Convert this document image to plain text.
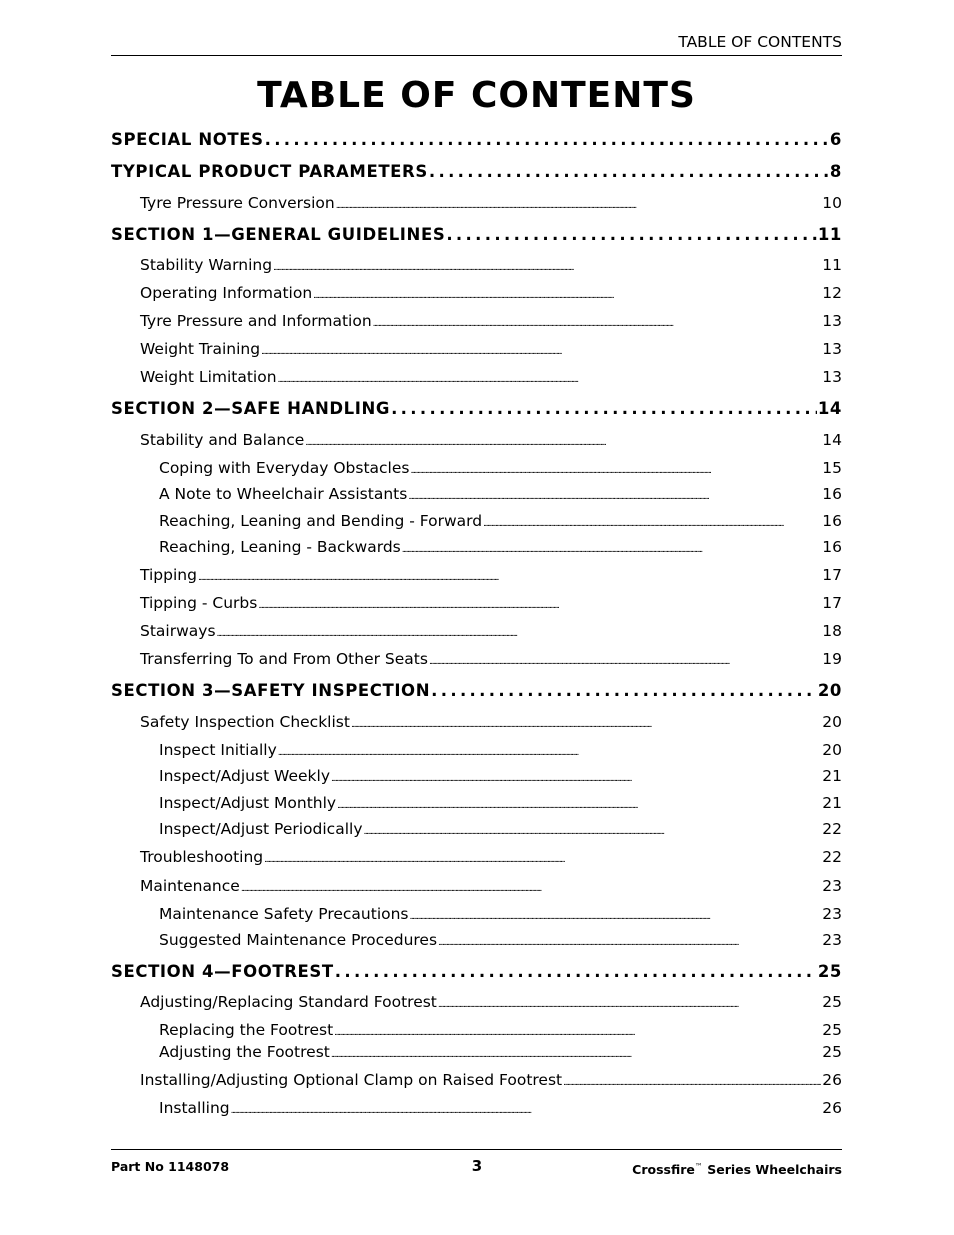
TABLE OF CONTENTS
TABLE OF CONTENTS
SPECIAL NOTES . . .	6
TYPICAL PRODUCT PARAMETERS . . .	8
Tyre Pressure Conversion . . .	10
SECTION 1—GENERAL GUIDELINES . . .	11
Stability Warning . . .	11
Operating Information . . .	12
Tyre Pressure and Information . . .	13
Weight Training . . .	13
Weight Limitation . . .	13
SECTION 2—SAFE HANDLING . . .	14
Stability and Balance . . .	14
Coping with Everyday Obstacles . . .	15
A Note to Wheelchair Assistants . . .	16
Reaching, Leaning and Bending - Forward . . .	16
Reaching, Leaning - Backwards . . .	16
Tipping . . .	17
Tipping - Curbs . . .	17
Stairways . . .	18
Transferring To and From Other Seats . . .	19
SECTION 3—SAFETY INSPECTION . . .	20
Safety Inspection Checklist . . .	20
Inspect Initially . . .	20
Inspect/Adjust Weekly . . .	21
Inspect/Adjust Monthly . . .	21
Inspect/Adjust Periodically . . .	22
Troubleshooting . . .	22
Maintenance . . .	23
Maintenance Safety Precautions . . .	23
Suggested Maintenance Procedures . . .	23
SECTION 4—FOOTREST . . .	25
Adjusting/Replacing Standard Footrest . . .	25
Replacing the Footrest . . .	25
Adjusting the Footrest . . .	25
Installing/Adjusting Optional Clamp on Raised Footrest . . .	26
Installing . . .	26
Part No 1148078	3	Crossfire™ Series Wheelchairs
